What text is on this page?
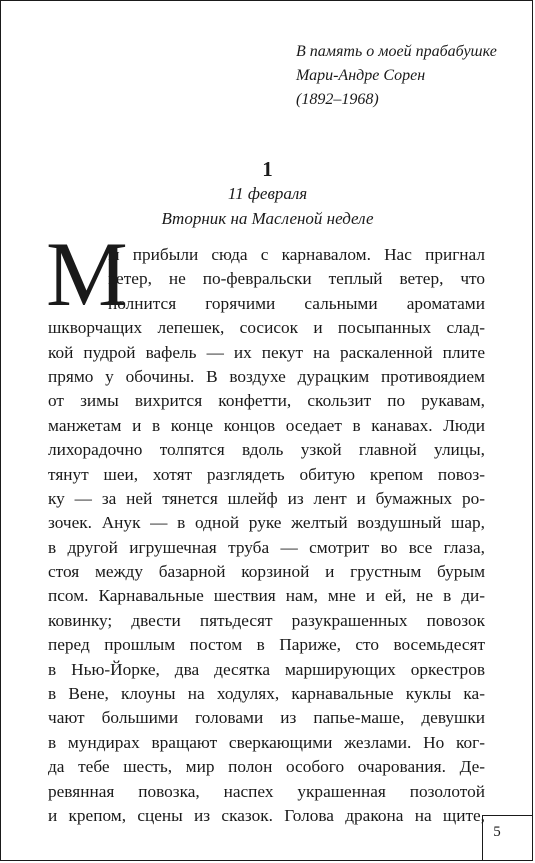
В память о моей прабабушке
Мари-Андре Сорен
(1892–1968)
1
11 февраля
Вторник на Масленой неделе
М
ы прибыли сюда с карнавалом. Нас пригнал
ветер, не по-февральски теплый ветер, что
полнится горячими сальными ароматами
шкворчащих лепешек, сосисок и посыпанных слад-
кой пудрой вафель — их пекут на раскаленной плите
прямо у обочины. В воздухе дурацким противоядием
от зимы вихрится конфетти, скользит по рукавам,
манжетам и в конце концов оседает в канавах. Люди
лихорадочно толпятся вдоль узкой главной улицы,
тянут шеи, хотят разглядеть обитую крепом повоз-
ку — за ней тянется шлейф из лент и бумажных ро-
зочек. Анук — в одной руке желтый воздушный шар,
в другой игрушечная труба — смотрит во все глаза,
стоя между базарной корзиной и грустным бурым
псом. Карнавальные шествия нам, мне и ей, не в ди-
ковинку; двести пятьдесят разукрашенных повозок
перед прошлым постом в Париже, сто восемьдесят
в Нью-Йорке, два десятка марширующих оркестров
в Вене, клоуны на ходулях, карнавальные куклы ка-
чают большими головами из папье-маше, девушки
в мундирах вращают сверкающими жезлами. Но ког-
да тебе шесть, мир полон особого очарования. Де-
ревянная повозка, наспех украшенная позолотой
и крепом, сцены из сказок. Голова дракона на щите,
5
